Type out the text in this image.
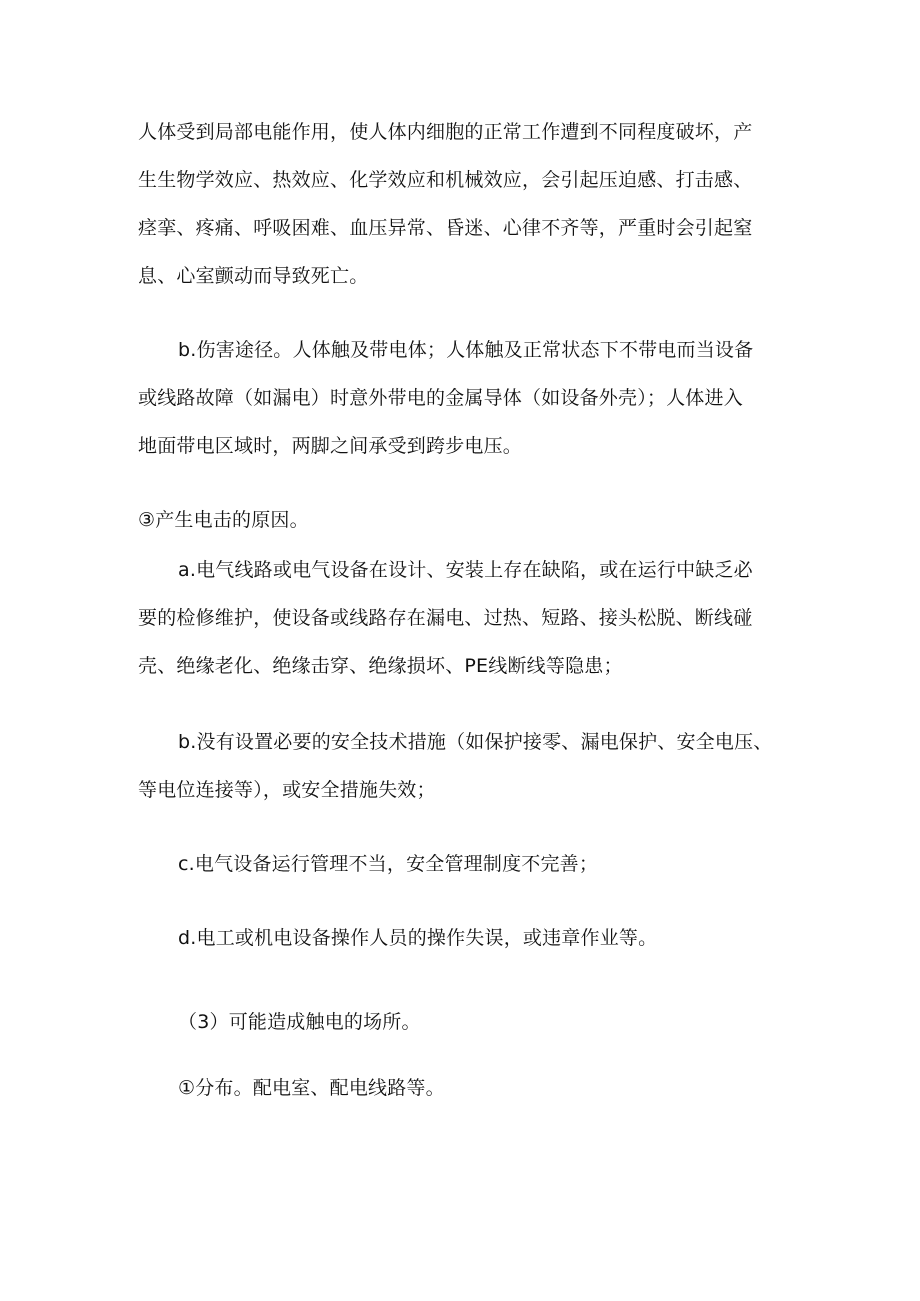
人体受到局部电能作用，使人体内细胞的正常工作遭到不同程度破坏，产
生生物学效应、热效应、化学效应和机械效应，会引起压迫感、打击感、
痉挛、疼痛、呼吸困难、血压异常、昏迷、心律不齐等，严重时会引起窒
息、心室颤动而导致死亡。
b.伤害途径。人体触及带电体；人体触及正常状态下不带电而当设备
或线路故障（如漏电）时意外带电的金属导体（如设备外壳）；人体进入
地面带电区域时，两脚之间承受到跨步电压。
③产生电击的原因。
a.电气线路或电气设备在设计、安装上存在缺陷，或在运行中缺乏必
要的检修维护，使设备或线路存在漏电、过热、短路、接头松脱、断线碰
壳、绝缘老化、绝缘击穿、绝缘损坏、PE线断线等隐患；
b.没有设置必要的安全技术措施（如保护接零、漏电保护、安全电压、
等电位连接等），或安全措施失效；
c.电气设备运行管理不当，安全管理制度不完善；
d.电工或机电设备操作人员的操作失误，或违章作业等。
（3）可能造成触电的场所。
①分布。配电室、配电线路等。
